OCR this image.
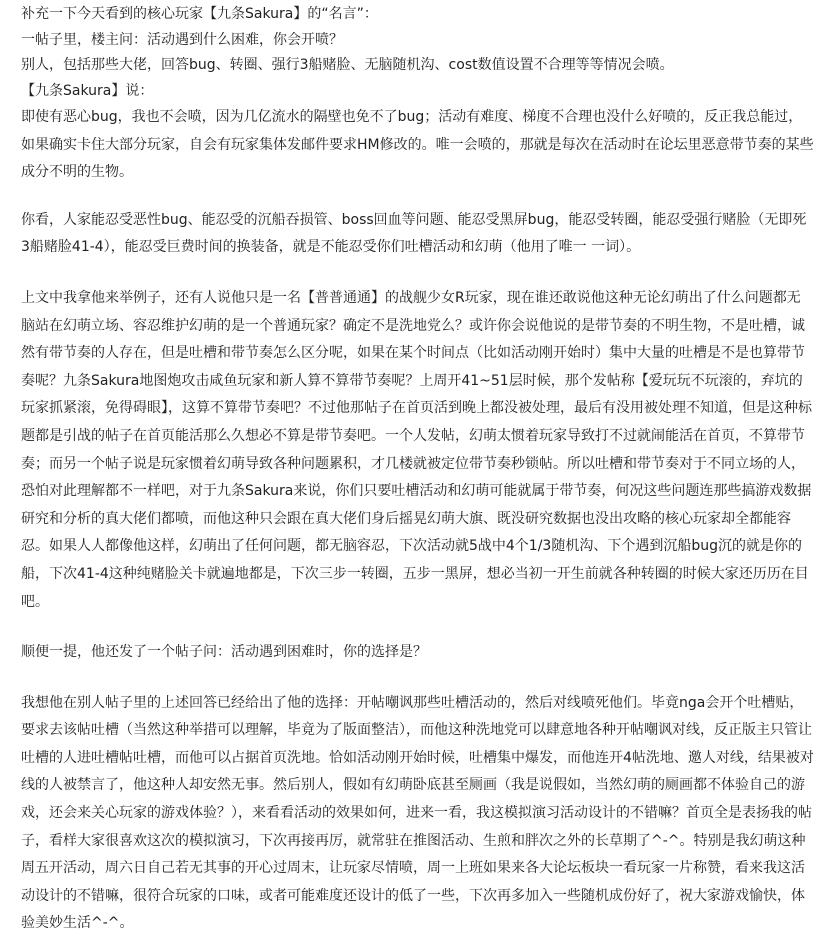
补充一下今天看到的核心玩家【九条Sakura】的“名言”：

一帖子里，楼主问：活动遇到什么困难，你会开喷？

别人，包括那些大佬，回答bug、转圈、强行3船赌脸、无脑随机沟、cost数值设置不合理等等情况会喷。

【九条Sakura】说：

即使有恶心bug，我也不会喷，因为几亿流水的隔壁也免不了bug；活动有难度、梯度不合理也没什么好喷的，反正我总能过，如果确实卡住大部分玩家，自会有玩家集体发邮件要求HM修改的。唯一会喷的，那就是每次在活动时在论坛里恶意带节奏的某些成分不明的生物。

你看，人家能忍受恶性bug、能忍受的沉船吞损管、boss回血等问题、能忍受黑屏bug，能忍受转圈，能忍受强行赌脸（无即死3船赌脸41-4），能忍受巨费时间的换装备，就是不能忍受你们吐槽活动和幻萌（他用了唯一 一词）。

上文中我拿他来举例子，还有人说他只是一名【普普通通】的战舰少女R玩家，现在谁还敢说他这种无论幻萌出了什么问题都无脑站在幻萌立场、容忍维护幻萌的是一个普通玩家？确定不是洗地党么？或许你会说他说的是带节奏的不明生物，不是吐槽，诚然有带节奏的人存在，但是吐槽和带节奏怎么区分呢，如果在某个时间点（比如活动刚开始时）集中大量的吐槽是不是也算带节奏呢？九条Sakura地图炮攻击咸鱼玩家和新人算不算带节奏呢？上周开41~51层时候，那个发帖称【爱玩玩不玩滚的，弃坑的玩家抓紧滚，免得碍眼】，这算不算带节奏吧？不过他那帖子在首页活到晚上都没被处理，最后有没用被处理不知道，但是这种标题都是引战的帖子在首页能活那么久想必不算是带节奏吧。一个人发帖，幻萌太惯着玩家导致打不过就闹能活在首页，不算带节奏；而另一个帖子说是玩家惯着幻萌导致各种问题累积，才几楼就被定位带节奏秒锁帖。所以吐槽和带节奏对于不同立场的人，恐怕对此理解都不一样吧，对于九条Sakura来说，你们只要吐槽活动和幻萌可能就属于带节奏，何况这些问题连那些搞游戏数据研究和分析的真大佬们都喷，而他这种只会跟在真大佬们身后摇晃幻萌大旗、既没研究数据也没出攻略的核心玩家却全都能容忍。如果人人都像他这样，幻萌出了任何问题，都无脑容忍，下次活动就5战中4个1/3随机沟、下个遇到沉船bug沉的就是你的船，下次41-4这种纯赌脸关卡就遍地都是，下次三步一转圈，五步一黑屏，想必当初一开生前就各种转圈的时候大家还历历在目吧。

顺便一提，他还发了一个帖子问：活动遇到困难时，你的选择是？

我想他在别人帖子里的上述回答已经给出了他的选择：开帖嘲讽那些吐槽活动的，然后对线喷死他们。毕竟nga会开个吐槽贴，要求去该帖吐槽（当然这种举措可以理解，毕竟为了版面整洁），而他这种洗地党可以肆意地各种开帖嘲讽对线，反正版主只管让吐槽的人进吐槽帖吐槽，而他可以占据首页洗地。恰如活动刚开始时候，吐槽集中爆发，而他连开4帖洗地、邀人对线，结果被对线的人被禁言了，他这种人却安然无事。然后别人，假如有幻萌卧底甚至厕画（我是说假如，当然幻萌的厕画都不体验自己的游戏，还会来关心玩家的游戏体验？），来看看活动的效果如何，进来一看，我这模拟演习活动设计的不错嘛？首页全是表扬我的帖子，看样大家很喜欢这次的模拟演习，下次再接再厉，就常驻在推图活动、生煎和胖次之外的长草期了^-^。特别是我幻萌这种周五开活动，周六日自己若无其事的开心过周末，让玩家尽情喷，周一上班如果来各大论坛板块一看玩家一片称赞，看来我这活动设计的不错嘛，很符合玩家的口味，或者可能难度还设计的低了一些，下次再多加入一些随机成份好了，祝大家游戏愉快，体验美妙生活^-^。
